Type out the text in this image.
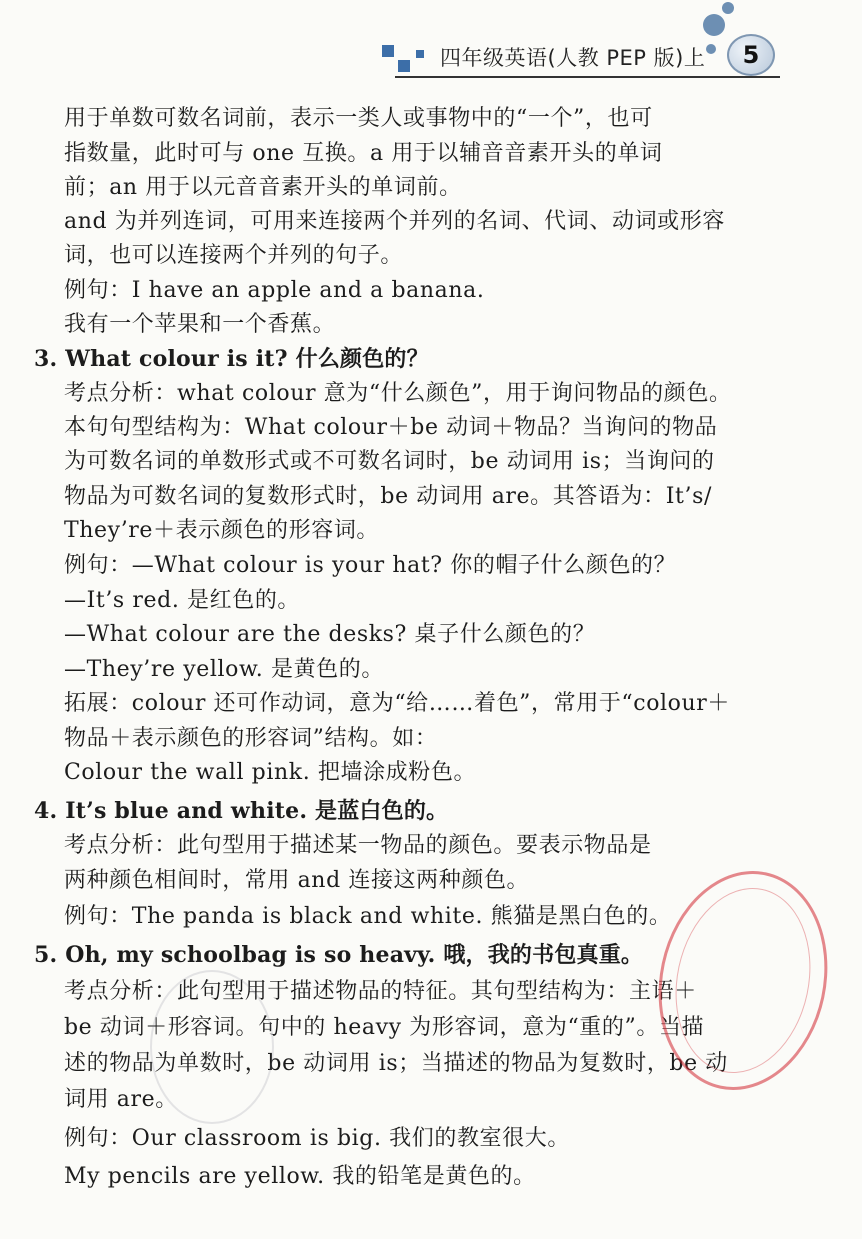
四年级英语(人教 PEP 版)上	5
用于单数可数名词前，表示一类人或事物中的“一个”，也可
指数量，此时可与 one 互换。a 用于以辅音音素开头的单词
前；an 用于以元音音素开头的单词前。
and 为并列连词，可用来连接两个并列的名词、代词、动词或形容
词，也可以连接两个并列的句子。
例句：I have an apple and a banana.
我有一个苹果和一个香蕉。
3. What colour is it? 什么颜色的？
考点分析：what colour 意为“什么颜色”，用于询问物品的颜色。
本句句型结构为：What colour＋be 动词＋物品？当询问的物品
为可数名词的单数形式或不可数名词时，be 动词用 is；当询问的
物品为可数名词的复数形式时，be 动词用 are。其答语为：It’s/
They’re＋表示颜色的形容词。
例句：—What colour is your hat? 你的帽子什么颜色的？
—It’s red. 是红色的。
—What colour are the desks? 桌子什么颜色的？
—They’re yellow. 是黄色的。
拓展：colour 还可作动词，意为“给……着色”，常用于“colour＋
物品＋表示颜色的形容词”结构。如：
Colour the wall pink. 把墙涂成粉色。
4. It’s blue and white. 是蓝白色的。
考点分析：此句型用于描述某一物品的颜色。要表示物品是
两种颜色相间时，常用 and 连接这两种颜色。
例句：The panda is black and white. 熊猫是黑白色的。
5. Oh, my schoolbag is so heavy. 哦，我的书包真重。
考点分析：此句型用于描述物品的特征。其句型结构为：主语＋
be 动词＋形容词。句中的 heavy 为形容词，意为“重的”。当描
述的物品为单数时，be 动词用 is；当描述的物品为复数时，be 动
词用 are。
例句：Our classroom is big. 我们的教室很大。
My pencils are yellow. 我的铅笔是黄色的。
